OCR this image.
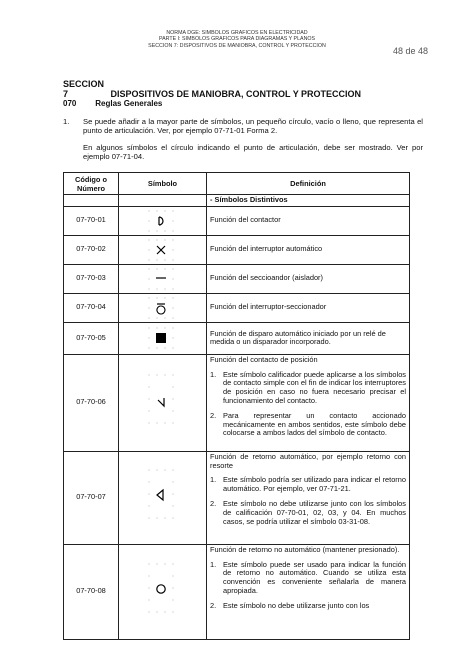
NORMA DGE: SIMBOLOS GRAFICOS EN ELECTRICIDAD
PARTE I: SIMBOLOS GRAFICOS PARA DIAGRAMAS Y PLANOS
SECCION 7: DISPOSITIVOS DE MANIOBRA, CONTROL Y PROTECCION
48 de 48
SECCION 7	DISPOSITIVOS DE MANIOBRA, CONTROL Y PROTECCION
070 Reglas Generales
1. Se puede añadir a la mayor parte de símbolos, un pequeño círculo, vacío o lleno, que representa el punto de articulación. Ver, por ejemplo 07-71-01 Forma 2.
En algunos símbolos el círculo indicando el punto de articulación, debe ser mostrado. Ver por ejemplo 07-71-04.
Código o Número	Símbolo	Definición
		- Símbolos Distintivos
07-70-01		Función del contactor
07-70-02		Función del interruptor automático
07-70-03		Función del seccioandor (aislador)
07-70-04		Función del interruptor-seccionador
07-70-05		Función de disparo automático iniciado por un relé de medida o un disparador incorporado.
07-70-06		Función del contacto de posición
1. Este símbolo calificador puede aplicarse a los símbolos de contacto simple con el fin de indicar los interruptores de posición en caso no fuera necesario precisar el funcionamiento del contacto.
2. Para representar un contacto accionado mecánicamente en ambos sentidos, este símbolo debe colocarse a ambos lados del símbolo de contacto.

07-70-07		Función de retorno automático, por ejemplo retorno con resorte
1. Este símbolo podría ser utilizado para indicar el retorno automático. Por ejemplo, ver 07-71-21.
2. Este símbolo no debe utilizarse junto con los símbolos de calificación 07-70-01, 02, 03, y 04. En muchos casos, se podría utilizar el símbolo 03-31-08.

07-70-08		Función de retorno no automático (mantener presionado).
1. Este símbolo puede ser usado para indicar la función de retorno no automático. Cuando se utiliza esta convención es conveniente señalarla de manera apropiada.
2. Este símbolo no debe utilizarse junto con los
